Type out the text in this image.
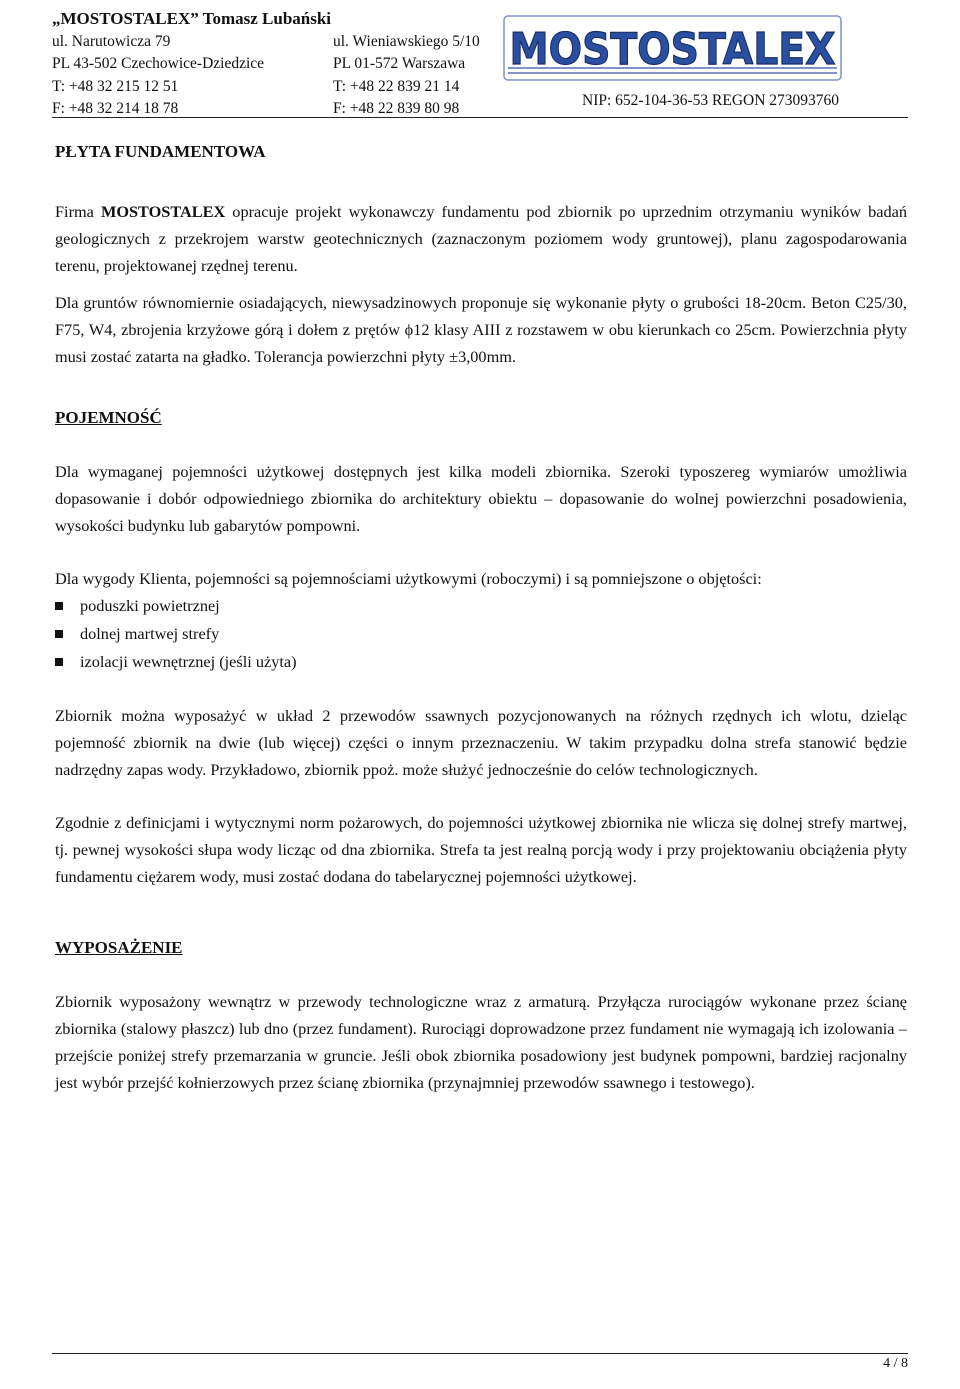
„MOSTOSTALEX” Tomasz Lubański
ul. Narutowicza 79
PL 43-502 Czechowice-Dziedzice
T: +48 32 215 12 51
F: +48 32 214 18 78

ul. Wieniawskiego 5/10
PL 01-572 Warszawa
T: +48 22 839 21 14
F: +48 22 839 80 98	NIP: 652-104-36-53 REGON 273093760
MOSTOSTALEX
PŁYTA FUNDAMENTOWA

Firma MOSTOSTALEX opracuje projekt wykonawczy fundamentu pod zbiornik po uprzednim otrzymaniu wyników badań geologicznych z przekrojem warstw geotechnicznych (zaznaczonym poziomem wody gruntowej), planu zagospodarowania terenu, projektowanej rzędnej terenu.

Dla gruntów równomiernie osiadających, niewysadzinowych proponuje się wykonanie płyty o grubości 18-20cm. Beton C25/30, F75, W4, zbrojenia krzyżowe górą i dołem z prętów ϕ12 klasy AIII z rozstawem w obu kierunkach co 25cm. Powierzchnia płyty musi zostać zatarta na gładko. Tolerancja powierzchni płyty ±3,00mm.

POJEMNOŚĆ

Dla wymaganej pojemności użytkowej dostępnych jest kilka modeli zbiornika. Szeroki typoszereg wymiarów umożliwia dopasowanie i dobór odpowiedniego zbiornika do architektury obiektu – dopasowanie do wolnej powierzchni posadowienia, wysokości budynku lub gabarytów pompowni.

Dla wygody Klienta, pojemności są pojemnościami użytkowymi (roboczymi) i są pomniejszone o objętości:

poduszki powietrznej
dolnej martwej strefy
izolacji wewnętrznej (jeśli użyta)

Zbiornik można wyposażyć w układ 2 przewodów ssawnych pozycjonowanych na różnych rzędnych ich wlotu, dzieląc pojemność zbiornik na dwie (lub więcej) części o innym przeznaczeniu. W takim przypadku dolna strefa stanowić będzie nadrzędny zapas wody. Przykładowo, zbiornik ppoż. może służyć jednocześnie do celów technologicznych.

Zgodnie z definicjami i wytycznymi norm pożarowych, do pojemności użytkowej zbiornika nie wlicza się dolnej strefy martwej, tj. pewnej wysokości słupa wody licząc od dna zbiornika. Strefa ta jest realną porcją wody i przy projektowaniu obciążenia płyty fundamentu ciężarem wody, musi zostać dodana do tabelarycznej pojemności użytkowej.

WYPOSAŻENIE

Zbiornik wyposażony wewnątrz w przewody technologiczne wraz z armaturą. Przyłącza rurociągów wykonane przez ścianę zbiornika (stalowy płaszcz) lub dno (przez fundament). Rurociągi doprowadzone przez fundament nie wymagają ich izolowania – przejście poniżej strefy przemarzania w gruncie. Jeśli obok zbiornika posadowiony jest budynek pompowni, bardziej racjonalny jest wybór przejść kołnierzowych przez ścianę zbiornika (przynajmniej przewodów ssawnego i testowego).

4 / 8
